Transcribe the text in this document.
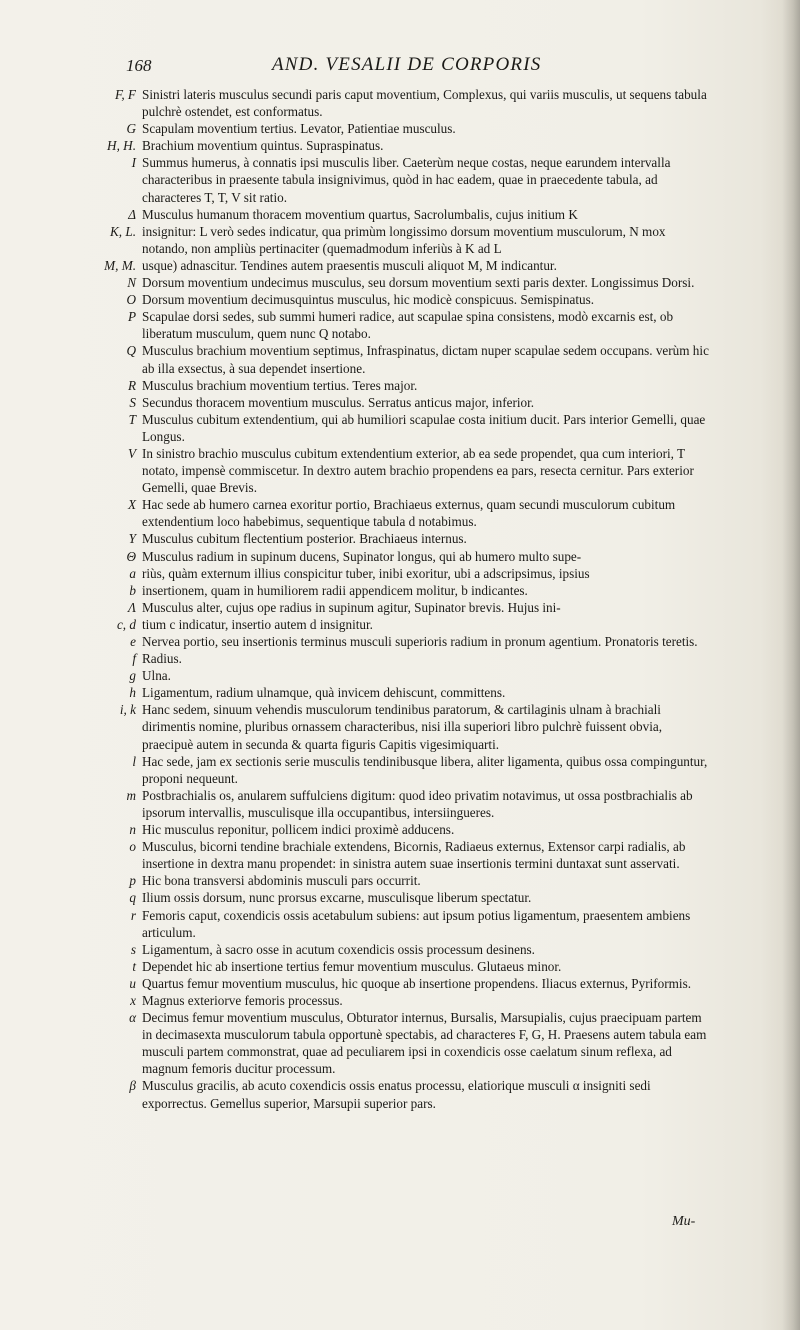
168	AND. VESALII DE CORPORIS
F, F Sinistri lateris musculus secundi paris caput moventium, Complexus, qui variis musculis, ut sequens tabula pulchrè ostendet, est conformatus.
G Scapulam moventium tertius. Levator, Patientiae musculus.
H, H. Brachium moventium quintus. Supraspinatus.
I Summus humerus, à connatis ipsi musculis liber. Caeterùm neque costas, neque earundem intervalla characteribus in praesente tabula insignivimus, quòd in hac eadem, quae in praecedente tabula, ad characteres T, T, V sit ratio.
Δ Musculus humanum thoracem moventium quartus, Sacrolumbalis, cujus initium K
K, L. insignitur: L verò sedes indicatur, qua primùm longissimo dorsum moventium musculorum, N mox notando, non ampliùs pertinaciter (quemadmodum inferiùs à K ad L
M, M. usque) adnascitur. Tendines autem praesentis musculi aliquot M, M indicantur.
N Dorsum moventium undecimus musculus, seu dorsum moventium sexti paris dexter. Longissimus Dorsi.
O Dorsum moventium decimusquintus musculus, hic modicè conspicuus. Semispinatus.
P Scapulae dorsi sedes, sub summi humeri radice, aut scapulae spina consistens, modò excarnis est, ob liberatum musculum, quem nunc Q notabo.
Q Musculus brachium moventium septimus, Infraspinatus, dictam nuper scapulae sedem occupans. verùm hic ab illa exsectus, à sua dependet insertione.
R Musculus brachium moventium tertius. Teres major.
S Secundus thoracem moventium musculus. Serratus anticus major, inferior.
T Musculus cubitum extendentium, qui ab humiliori scapulae costa initium ducit. Pars interior Gemelli, quae Longus.
V In sinistro brachio musculus cubitum extendentium exterior, ab ea sede propendet, qua cum interiori, T notato, impensè commiscetur. In dextro autem brachio propendens ea pars, resecta cernitur. Pars exterior Gemelli, quae Brevis.
X Hac sede ab humero carnea exoritur portio, Brachiaeus externus, quam secundi musculorum cubitum extendentium loco habebimus, sequentique tabula d notabimus.
Y Musculus cubitum flectentium posterior. Brachiaeus internus.
Θ Musculus radium in supinum ducens, Supinator longus, qui ab humero multo supe-
a riùs, quàm externum illius conspicitur tuber, inibi exoritur, ubi a adscripsimus, ipsius
b insertionem, quam in humiliorem radii appendicem molitur, b indicantes.
Λ Musculus alter, cujus ope radius in supinum agitur, Supinator brevis. Hujus ini-
c, d tium c indicatur, insertio autem d insignitur.
e Nervea portio, seu insertionis terminus musculi superioris radium in pronum agentium. Pronatoris teretis.
f Radius.
g Ulna.
h Ligamentum, radium ulnamque, quà invicem dehiscunt, committens.
i, k Hanc sedem, sinuum vehendis musculorum tendinibus paratorum, & cartilaginis ulnam à brachiali dirimentis nomine, pluribus ornassem characteribus, nisi illa superiori libro pulchrè fuissent obvia, praecipuè autem in secunda & quarta figuris Capitis vigesimiquarti.
l Hac sede, jam ex sectionis serie musculis tendinibusque libera, aliter ligamenta, quibus ossa compinguntur, proponi nequeunt.
m Postbrachialis os, anularem suffulciens digitum: quod ideo privatim notavimus, ut ossa postbrachialis ab ipsorum intervallis, musculisque illa occupantibus, intersiingueres.
n Hic musculus reponitur, pollicem indici proximè adducens.
o Musculus, bicorni tendine brachiale extendens, Bicornis, Radiaeus externus, Extensor carpi radialis, ab insertione in dextra manu propendet: in sinistra autem suae insertionis termini duntaxat sunt asservati.
p Hic bona transversi abdominis musculi pars occurrit.
q Ilium ossis dorsum, nunc prorsus excarne, musculisque liberum spectatur.
r Femoris caput, coxendicis ossis acetabulum subiens: aut ipsum potius ligamentum, praesentem ambiens articulum.
s Ligamentum, à sacro osse in acutum coxendicis ossis processum desinens.
t Dependet hic ab insertione tertius femur moventium musculus. Glutaeus minor.
u Quartus femur moventium musculus, hic quoque ab insertione propendens. Iliacus externus, Pyriformis.
x Magnus exteriorve femoris processus.
α Decimus femur moventium musculus, Obturator internus, Bursalis, Marsupialis, cujus praecipuam partem in decimasexta musculorum tabula opportunè spectabis, ad characteres F, G, H. Praesens autem tabula eam musculi partem commonstrat, quae ad peculiarem ipsi in coxendicis osse caelatum sinum reflexa, ad magnum femoris ducitur processum.
β Musculus gracilis, ab acuto coxendicis ossis enatus processu, elatiorique musculi α insigniti sedi exporrectus. Gemellus superior, Marsupii superior pars.
Mu-
